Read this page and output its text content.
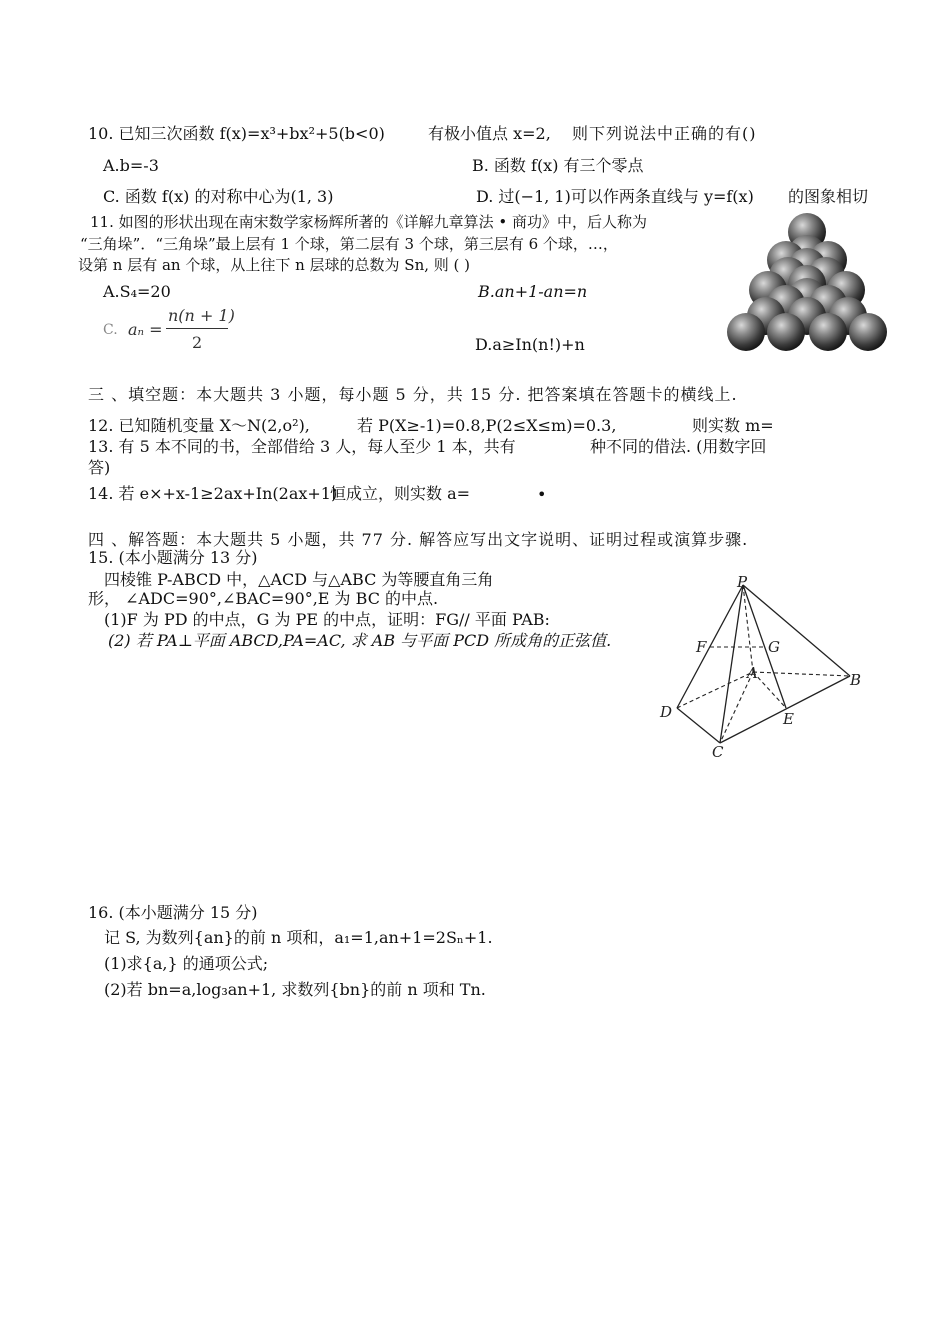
10. 已知三次函数 f(x)=x³+bx²+5(b<0)	有极小值点 x=2, 则下列说法中正确的有()
A.b=-3	B. 函数 f(x) 有三个零点
C. 函数 f(x) 的对称中心为(1, 3)	D. 过(−1, 1)可以作两条直线与 y=f(x) 的图象相切
11. 如图的形状出现在南宋数学家杨辉所著的《详解九章算法 • 商功》中，后人称为
“三角垛”．“三角垛”最上层有 1 个球，第二层有 3 个球，第三层有 6 个球，…，
设第 n 层有 an 个球，从上往下 n 层球的总数为 Sn, 则 ( )
A.S₄=20	B.an+1-an=n
C. aₙ =
n(n + 1)
2	D.a≥In(n!)+n
三 、填空题：本大题共 3 小题，每小题 5 分，共 15 分. 把答案填在答题卡的横线上.
12. 已知随机变量 X～N(2,o²),	若 P(X≥-1)=0.8,P(2≤X≤m)=0.3,	则实数 m=
13. 有 5 本不同的书，全部借给 3 人，每人至少 1 本，共有	种不同的借法. (用数字回
答)
14. 若 e×+x-1≥2ax+In(2ax+1)
恒成立，则实数 a=	•
四 、解答题：本大题共 5 小题，共 77 分. 解答应写出文字说明、证明过程或演算步骤.
15. (本小题满分 13 分)
四棱锥 P-ABCD 中，△ACD 与△ABC 为等腰直角三角
形， ∠ADC=90°,∠BAC=90°,E 为 BC 的中点.
(1)F 为 PD 的中点，G 为 PE 的中点，证明：FG// 平面 PAB:
(2) 若 PA⊥平面 ABCD,PA=AC, 求 AB 与平面 PCD 所成角的正弦值.
P
F	G
A	B
D	E
C
16. (本小题满分 15 分)
记 S, 为数列{an}的前 n 项和，a₁=1,an+1=2Sₙ+1.
(1)求{a,} 的通项公式;
(2)若 bn=a,log₃an+1, 求数列{bn}的前 n 项和 Tn.
